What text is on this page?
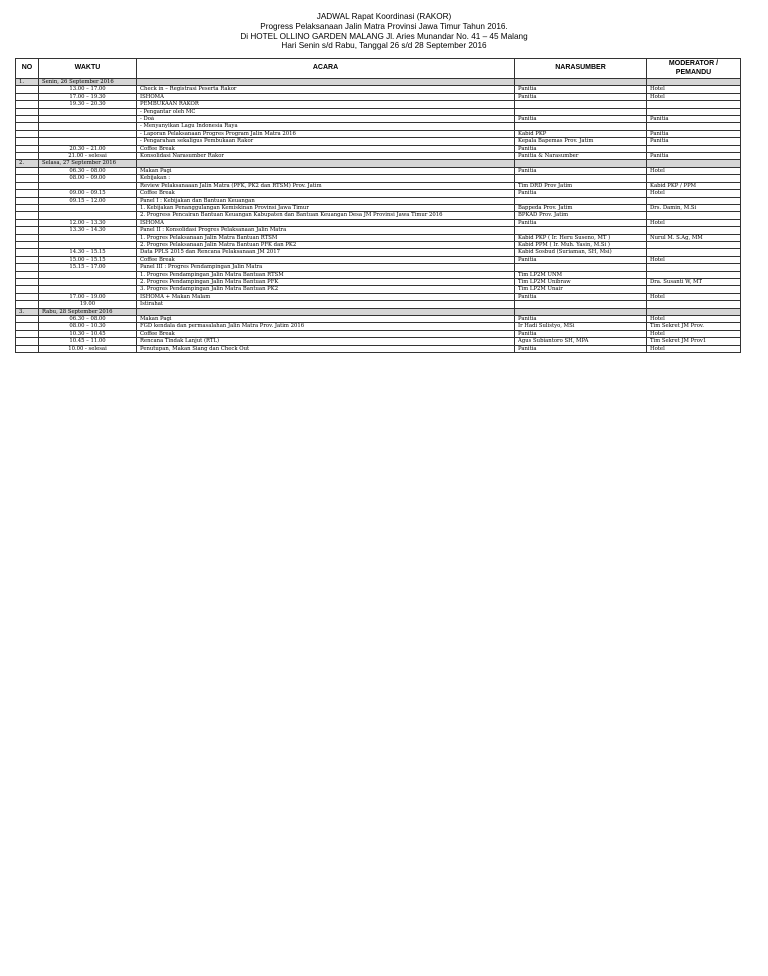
JADWAL Rapat Koordinasi (RAKOR)
Progress Pelaksanaan Jalin Matra Provinsi Jawa Timur Tahun 2016.
Di HOTEL OLLINO GARDEN MALANG Jl. Aries Munandar No. 41 – 45 Malang
Hari Senin s/d Rabu, Tanggal 26 s/d 28 September 2016
NO	WAKTU	ACARA	NARASUMBER	MODERATOR /
PEMANDU
1.	Senin, 26 September 2016			
	13.00 – 17.00	Check in – Registrasi Peserta Rakor	Panitia	Hotel
	17.00 – 19.30	ISHOMA	Panitia	Hotel
	19.30 – 20.30	PEMBUKAAN RAKOR		
		- Pengantar oleh MC		
		- Doá	Panitia	Panitia
		- Menyanyikan Lagu Indonesia Raya		
		- Laporan Pelaksanaan Progres Program Jalin Matra 2016	Kabid PKP	Panitia
		- Pengarahan sekaligus Pembukaan Rakor	Kepala Bapemas Prov. Jatim	Panitia
	20.30 – 21.00	Coffee Break	Panitia	
	21.00 - selesai	Konsolidasi Narasumber Rakor	Panitia & Narasumber	Panitia
2.	Selasa, 27 September 2016			
	06.30 – 08.00	Makan Pagi	Panitia	Hotel
	08.00 – 09.00	Kebijakan :		
		Review Pelaksanaaan Jalin Matra (PFK, PK2 dan RTSM) Prov. Jatim	Tim DRD Prov Jatim	Kabid PKP / PPM
	09.00 – 09.15	Coffee Break	Panitia	Hotel
	09.15 – 12.00	Panel I : Kebijakan dan Bantuan Keuangan		
		1. Kebijakan Penanggulangan Kemiskinan Provinsi Jawa Timur	Bappeda Prov. Jatim	Drs. Damin, M.Si
		2. Progress Pencairan Bantuan Keuangan Kabupaten dan Bantuan Keuangan Desa JM Provinsi Jawa Timur 2016	BPKAD Prov. Jatim	
	12.00 – 13.30	ISHOMA	Panitia	Hotel
	13.30 – 14.30	Panel II : Konsolidasi Progres Pelaksanaan Jalin Matra		
		1. Progres Pelaksanaan Jalin Matra Bantuan RTSM	Kabid PKP ( Ir. Heru Suseno, MT )	Nurul M. S.Ag, MM
		2. Progres Pelaksanaan Jalin Matra Bantuan PFK dan PK2	Kabid PPM ( Ir. Muh. Yasin, M.Si )	
	14.30 – 15.15	Data PPLS 2015 dan Rencana Pelaksanaan JM 2017	Kabid Sosbud (Suriaman, SH, Msi)	
	15.00 – 15.15	Coffee Break	Panitia	Hotel
	15.15 – 17.00	Panel III : Progres Pendampingan Jalin Matra		
		1. Progres Pendampingan Jalin Matra Bantuan RTSM	Tim LP2M UNM	
		2. Progres Pendampingan Jalin Matra Bantuan PFK	Tim LP2M Unibraw	Dra. Susanti W, MT
		3. Progres Pendampingan Jalin Matra Bantuan PK2	Tim LP2M Unair	
	17.00 – 19.00	ISHOMA + Makan Malam	Panitia	Hotel
	19.00	Istirahat		
3.	Rabu, 28 September 2016			
	06.30 – 08.00	Makan Pagi	Panitia	Hotel
	08.00 – 10.30	FGD kendala dan permasalahan Jalin Matra Prov. Jatim 2016	Ir Hadi Sulistyo, MSi	Tim Sekret JM Prov.
	10.30 – 10.45	Coffee Break	Panitia	Hotel
	10.45 – 11.00	Rencana Tindak Lanjut (RTL)	Agus Subiantoro SH, MPA	Tim Sekret JM Prov1
	10.00 - selesai	Penutupan, Makan Siang dan Check Out	Panitia	Hotel
